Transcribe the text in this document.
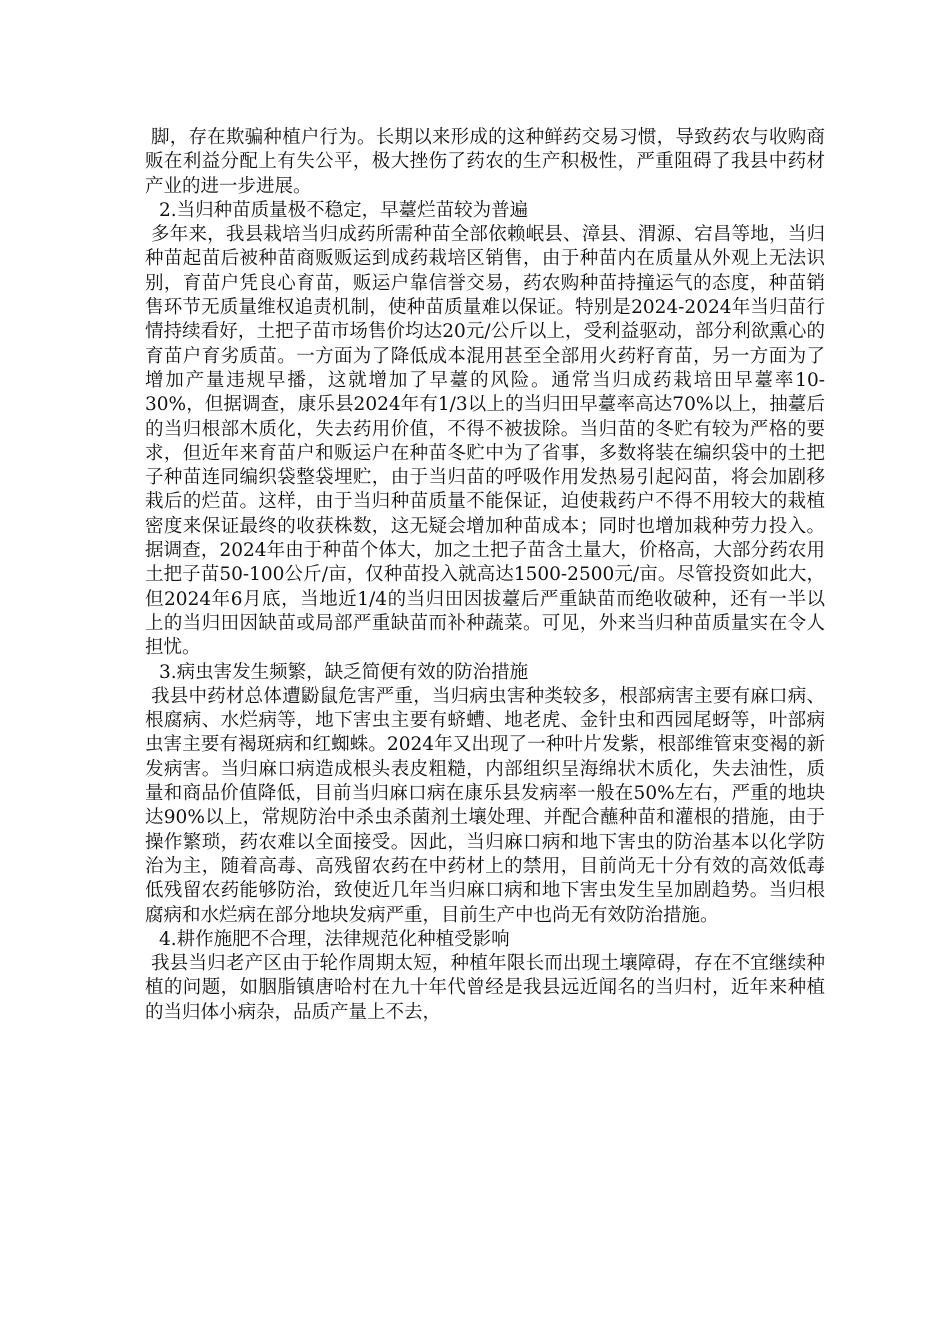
脚，存在欺骗种植户行为。长期以来形成的这种鲜药交易习惯，导致药农与收购商贩在利益分配上有失公平，极大挫伤了药农的生产积极性，严重阻碍了我县中药材产业的进一步进展。

2.当归种苗质量极不稳定，早薹烂苗较为普遍

多年来，我县栽培当归成药所需种苗全部依赖岷县、漳县、渭源、宕昌等地，当归种苗起苗后被种苗商贩贩运到成药栽培区销售，由于种苗内在质量从外观上无法识别，育苗户凭良心育苗，贩运户靠信誉交易，药农购种苗持撞运气的态度，种苗销售环节无质量维权追责机制，使种苗质量难以保证。特别是2024-2024年当归苗行情持续看好，土把子苗市场售价均达20元/公斤以上，受利益驱动，部分利欲熏心的育苗户育劣质苗。一方面为了降低成本混用甚至全部用火药籽育苗，另一方面为了增加产量违规早播，这就增加了早薹的风险。通常当归成药栽培田早薹率10-30%，但据调查，康乐县2024年有1/3以上的当归田早薹率高达70%以上，抽薹后的当归根部木质化，失去药用价值，不得不被拔除。当归苗的冬贮有较为严格的要求，但近年来育苗户和贩运户在种苗冬贮中为了省事，多数将装在编织袋中的土把子种苗连同编织袋整袋埋贮，由于当归苗的呼吸作用发热易引起闷苗，将会加剧移栽后的烂苗。这样，由于当归种苗质量不能保证，迫使栽药户不得不用较大的栽植密度来保证最终的收获株数，这无疑会增加种苗成本；同时也增加栽种劳力投入。据调查，2024年由于种苗个体大，加之土把子苗含土量大，价格高，大部分药农用土把子苗50-100公斤/亩，仅种苗投入就高达1500-2500元/亩。尽管投资如此大，但2024年6月底，当地近1/4的当归田因拔薹后严重缺苗而绝收破种，还有一半以上的当归田因缺苗或局部严重缺苗而补种蔬菜。可见，外来当归种苗质量实在令人担忧。

3.病虫害发生频繁，缺乏简便有效的防治措施

我县中药材总体遭鼢鼠危害严重，当归病虫害种类较多，根部病害主要有麻口病、根腐病、水烂病等，地下害虫主要有蛴螬、地老虎、金针虫和西园尾蚜等，叶部病虫害主要有褐斑病和红蜘蛛。2024年又出现了一种叶片发紫，根部维管束变褐的新发病害。当归麻口病造成根头表皮粗糙，内部组织呈海绵状木质化，失去油性，质量和商品价值降低，目前当归麻口病在康乐县发病率一般在50%左右，严重的地块达90%以上，常规防治中杀虫杀菌剂土壤处理、并配合蘸种苗和灌根的措施，由于操作繁琐，药农难以全面接受。因此，当归麻口病和地下害虫的防治基本以化学防治为主，随着高毒、高残留农药在中药材上的禁用，目前尚无十分有效的高效低毒低残留农药能够防治，致使近几年当归麻口病和地下害虫发生呈加剧趋势。当归根腐病和水烂病在部分地块发病严重，目前生产中也尚无有效防治措施。

4.耕作施肥不合理，法律规范化种植受影响

我县当归老产区由于轮作周期太短，种植年限长而出现土壤障碍，存在不宜继续种植的问题，如胭脂镇唐哈村在九十年代曾经是我县远近闻名的当归村，近年来种植的当归体小病杂，品质产量上不去，
